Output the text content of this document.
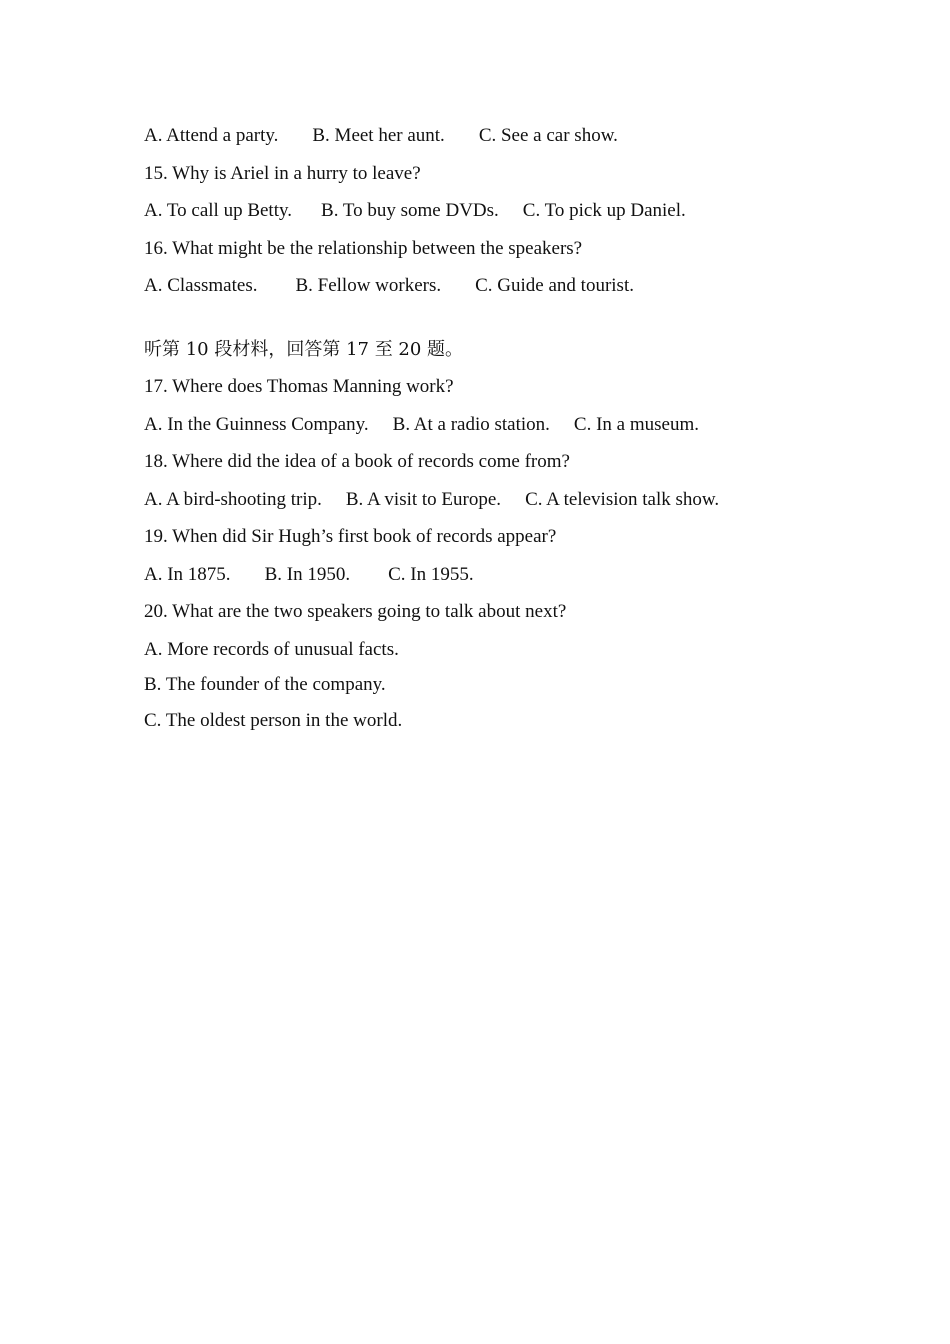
A. Attend a party. B. Meet her aunt. C. See a car show.
15. Why is Ariel in a hurry to leave?
A. To call up Betty. B. To buy some DVDs. C. To pick up Daniel.
16. What might be the relationship between the speakers?
A. Classmates. B. Fellow workers. C. Guide and tourist.
听第 10 段材料，回答第 17 至 20 题。
17. Where does Thomas Manning work?
A. In the Guinness Company. B. At a radio station. C. In a museum.
18. Where did the idea of a book of records come from?
A. A bird-shooting trip. B. A visit to Europe. C. A television talk show.
19. When did Sir Hugh’s first book of records appear?
A. In 1875. B. In 1950. C. In 1955.
20. What are the two speakers going to talk about next?
A. More records of unusual facts.
B. The founder of the company.
C. The oldest person in the world.
